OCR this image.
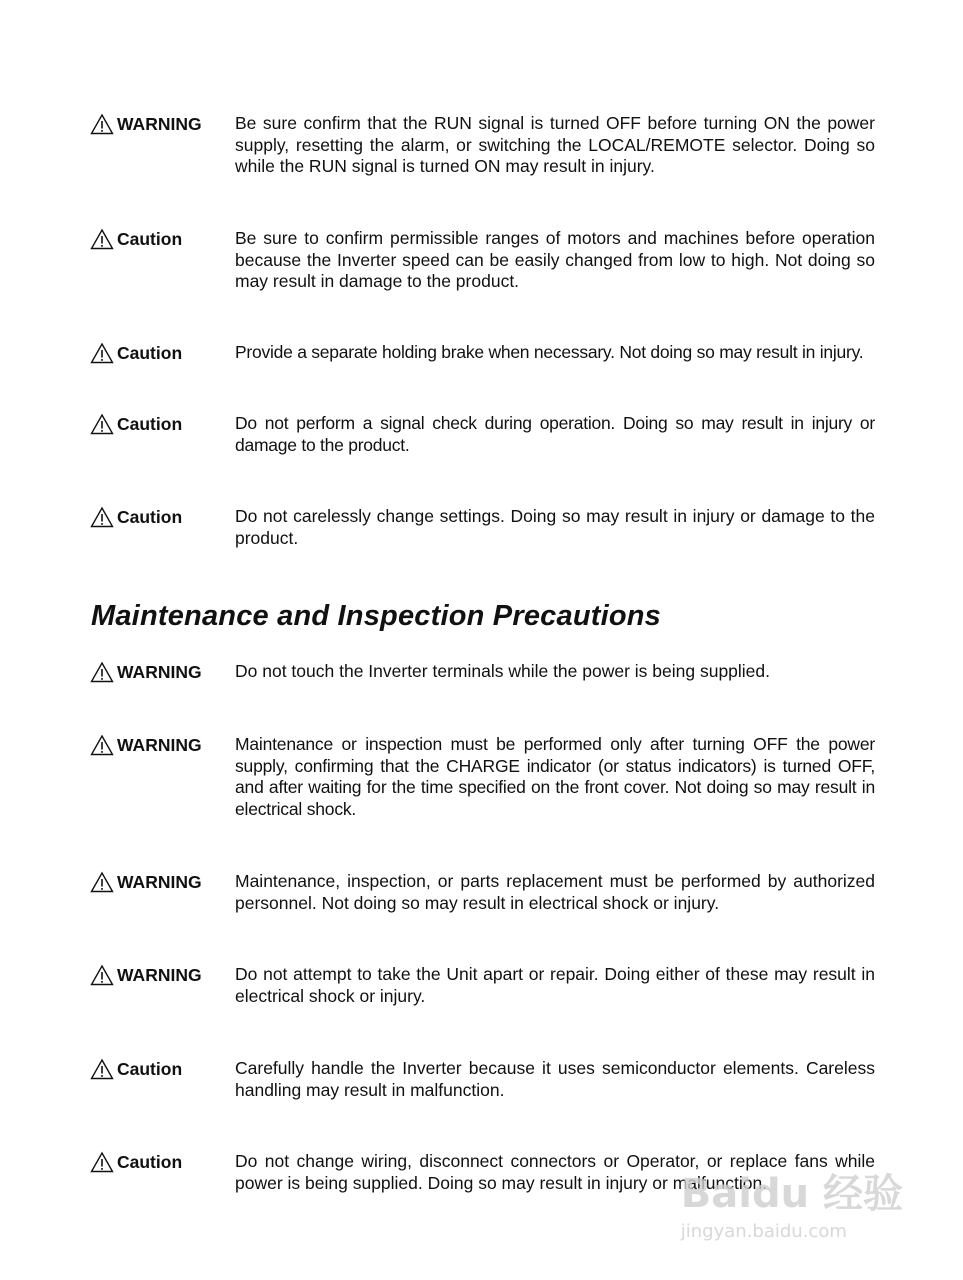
WARNING Be sure confirm that the RUN signal is turned OFF before turning ON the power supply, resetting the alarm, or switching the LOCAL/REMOTE selector. Doing so while the RUN signal is turned ON may result in injury.
Caution	Be sure to confirm permissible ranges of motors and machines before operation because the Inverter speed can be easily changed from low to high. Not doing so may result in damage to the product.
Caution	Provide a separate holding brake when necessary. Not doing so may result in injury.
Caution	Do not perform a signal check during operation. Doing so may result in injury or damage to the product.
Caution	Do not carelessly change settings. Doing so may result in injury or damage to the product.
Maintenance and Inspection Precautions
WARNING Do not touch the Inverter terminals while the power is being supplied.
WARNING Maintenance or inspection must be performed only after turning OFF the power supply, confirming that the CHARGE indicator (or status indicators) is turned OFF, and after waiting for the time specified on the front cover. Not doing so may result in electrical shock.
WARNING Maintenance, inspection, or parts replacement must be performed by authorized personnel. Not doing so may result in electrical shock or injury.
WARNING Do not attempt to take the Unit apart or repair. Doing either of these may result in electrical shock or injury.
Caution	Carefully handle the Inverter because it uses semiconductor elements. Careless handling may result in malfunction.
Caution	Do not change wiring, disconnect connectors or Operator, or replace fans while power is being supplied. Doing so may result in injury or malfunction.
Baidu 经验
jingyan.baidu.com
